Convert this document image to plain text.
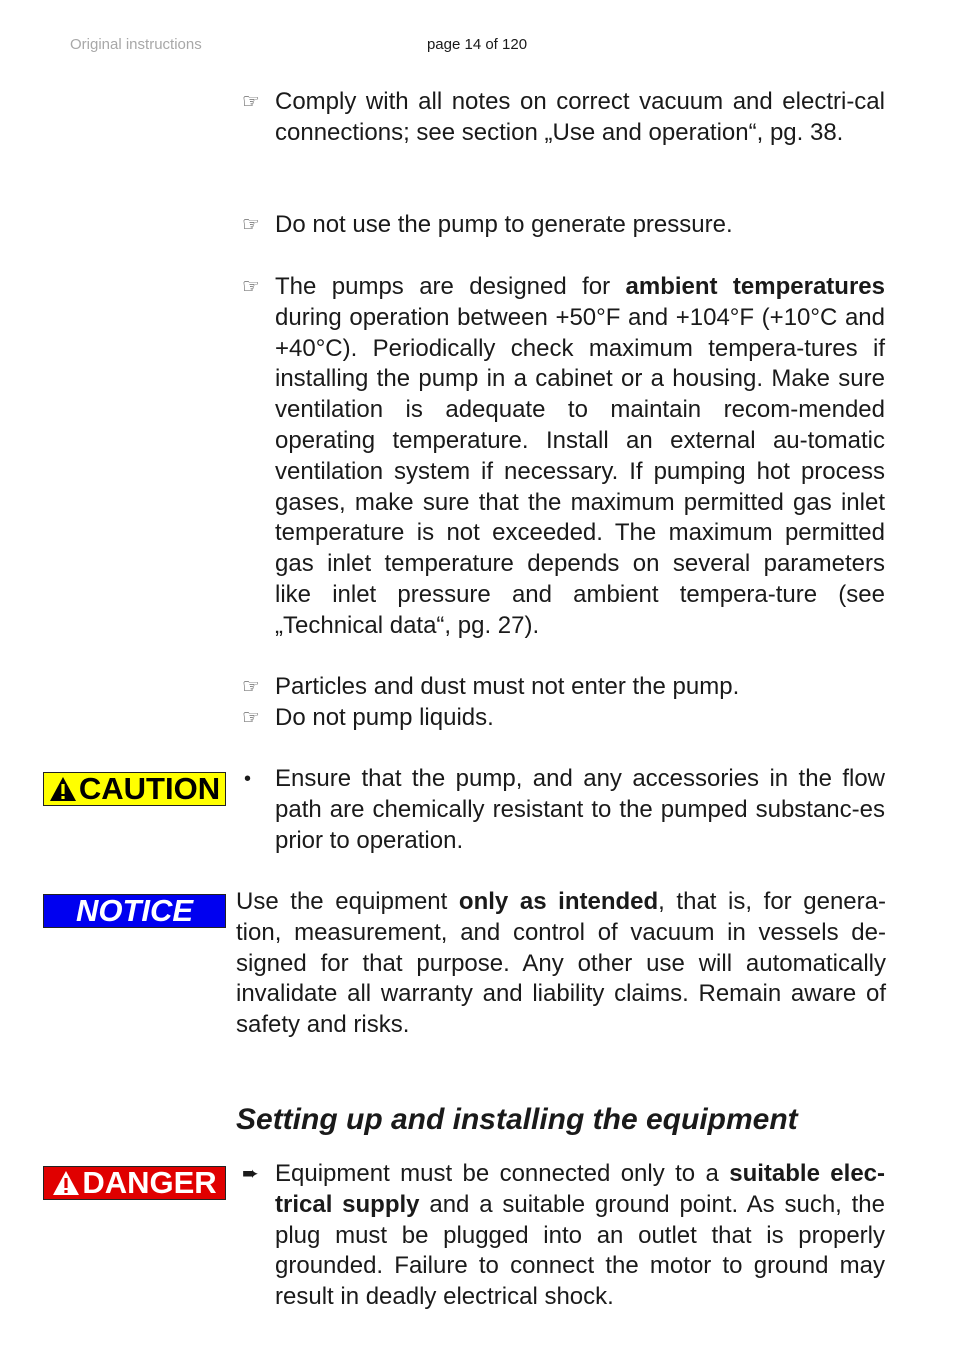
Original instructions	page 14 of 120
☞ Comply with all notes on correct vacuum and electri-cal connections; see section „Use and operation“, pg. 38.
☞ Do not use the pump to generate pressure.
☞ The pumps are designed for ambient temperatures during operation between +50°F and +104°F (+10°C and +40°C). Periodically check maximum tempera-tures if installing the pump in a cabinet or a housing. Make sure ventilation is adequate to maintain recom-mended operating temperature. Install an external au-tomatic ventilation system if necessary. If pumping hot process gases, make sure that the maximum permitted gas inlet temperature is not exceeded. The maximum permitted gas inlet temperature depends on several parameters like inlet pressure and ambient tempera-ture (see „Technical data“, pg. 27).
☞ Particles and dust must not enter the pump.
☞ Do not pump liquids.
CAUTION • Ensure that the pump, and any accessories in the flow path are chemically resistant to the pumped substanc-es prior to operation.
NOTICE Use the equipment only as intended, that is, for genera-tion, measurement, and control of vacuum in vessels de-signed for that purpose. Any other use will automatically invalidate all warranty and liability claims. Remain aware of safety and risks.
Setting up and installing the equipment
DANGER ➨ Equipment must be connected only to a suitable elec-trical supply and a suitable ground point. As such, the plug must be plugged into an outlet that is properly grounded. Failure to connect the motor to ground may result in deadly electrical shock.
